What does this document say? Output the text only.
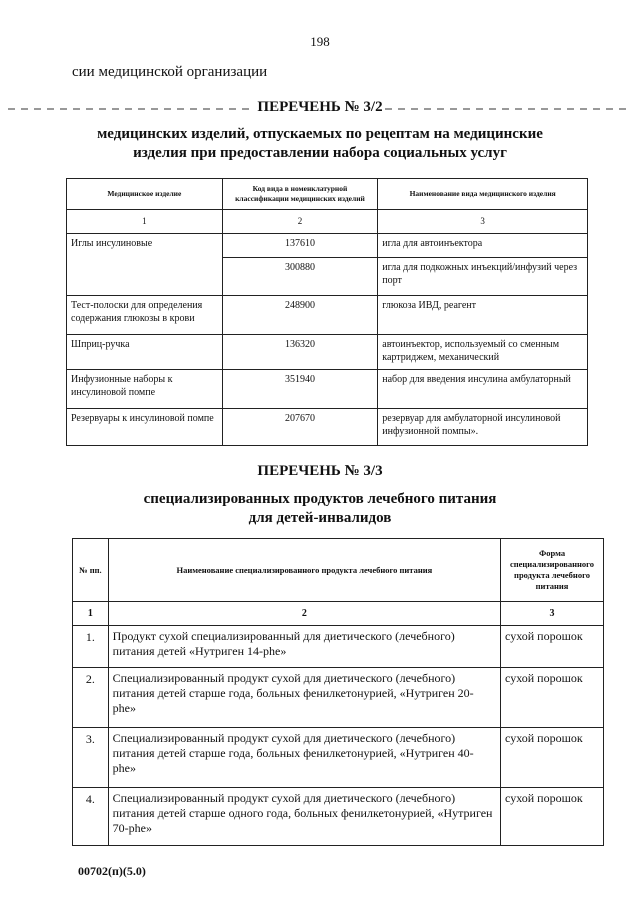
198
сии медицинской организации
ПЕРЕЧЕНЬ № 3/2
медицинских изделий, отпускаемых по рецептам на медицинские
изделия при предоставлении набора социальных услуг
Медицинское изделие	Код вида в номенклатурной классификации медицинских изделий	Наименование вида медицинского изделия
1	2	3
Иглы инсулиновые	137610	игла для автоинъектора
	300880	игла для подкожных инъекций/инфузий через порт
Тест-полоски для определения содержания глюкозы в крови	248900	глюкоза ИВД, реагент
Шприц-ручка	136320	автоинъектор, используемый со сменным картриджем, механический
Инфузионные наборы к инсулиновой помпе	351940	набор для введения инсулина амбулаторный
Резервуары к инсулиновой помпе	207670	резервуар для амбулаторной инсулиновой инфузионной помпы».
ПЕРЕЧЕНЬ № 3/3
специализированных продуктов лечебного питания
для детей-инвалидов
№ пп.	Наименование специализированного продукта лечебного питания	Форма специализированного продукта лечебного питания
1	2	3
1.	Продукт сухой специализированный для диетического (лечебного) питания детей «Нутриген 14-phe»	сухой порошок
2.	Специализированный продукт сухой для диетического (лечебного) питания детей старше года, больных фенилкетонурией, «Нутриген 20-phe»	сухой порошок
3.	Специализированный продукт сухой для диетического (лечебного) питания детей старше года, больных фенилкетонурией, «Нутриген 40-phe»	сухой порошок
4.	Специализированный продукт сухой для диетического (лечебного) питания детей старше одного года, больных фенилкетонурией, «Нутриген 70-phe»	сухой порошок
00702(п)(5.0)
